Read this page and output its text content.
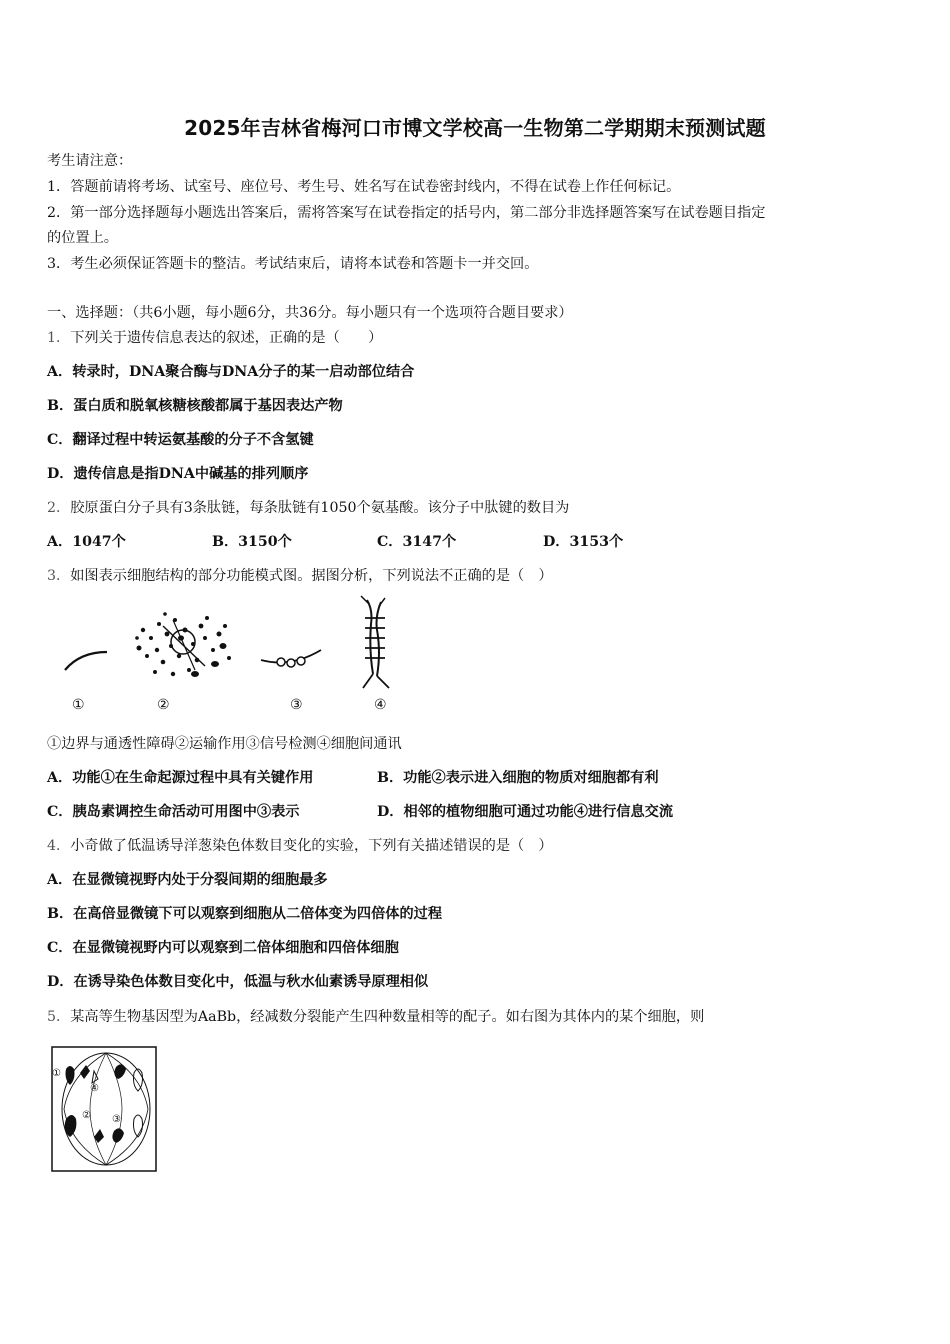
2025年吉林省梅河口市博文学校高一生物第二学期期末预测试题
考生请注意：
1．答题前请将考场、试室号、座位号、考生号、姓名写在试卷密封线内，不得在试卷上作任何标记。
2．第一部分选择题每小题选出答案后，需将答案写在试卷指定的括号内，第二部分非选择题答案写在试卷题目指定
的位置上。
3．考生必须保证答题卡的整洁。考试结束后，请将本试卷和答题卡一并交回。
一、选择题：（共6小题，每小题6分，共36分。每小题只有一个选项符合题目要求）
1．下列关于遗传信息表达的叙述，正确的是（　　）
A．转录时，DNA聚合酶与DNA分子的某一启动部位结合
B．蛋白质和脱氧核糖核酸都属于基因表达产物
C．翻译过程中转运氨基酸的分子不含氢键
D．遗传信息是指DNA中碱基的排列顺序
2．胶原蛋白分子具有3条肽链，每条肽链有1050个氨基酸。该分子中肽键的数目为
A．1047个	B．3150个	C．3147个	D．3153个
3．如图表示细胞结构的部分功能模式图。据图分析，下列说法不正确的是（　）
①	②	③	④
①边界与通透性障碍②运输作用③信号检测④细胞间通讯
A．功能①在生命起源过程中具有关键作用	B．功能②表示进入细胞的物质对细胞都有利
C．胰岛素调控生命活动可用图中③表示	D．相邻的植物细胞可通过功能④进行信息交流
4．小奇做了低温诱导洋葱染色体数目变化的实验，下列有关描述错误的是（　）
A．在显微镜视野内处于分裂间期的细胞最多
B．在高倍显微镜下可以观察到细胞从二倍体变为四倍体的过程
C．在显微镜视野内可以观察到二倍体细胞和四倍体细胞
D．在诱导染色体数目变化中，低温与秋水仙素诱导原理相似
5．某高等生物基因型为AaBb，经减数分裂能产生四种数量相等的配子。如右图为其体内的某个细胞，则
①
④
② ③
